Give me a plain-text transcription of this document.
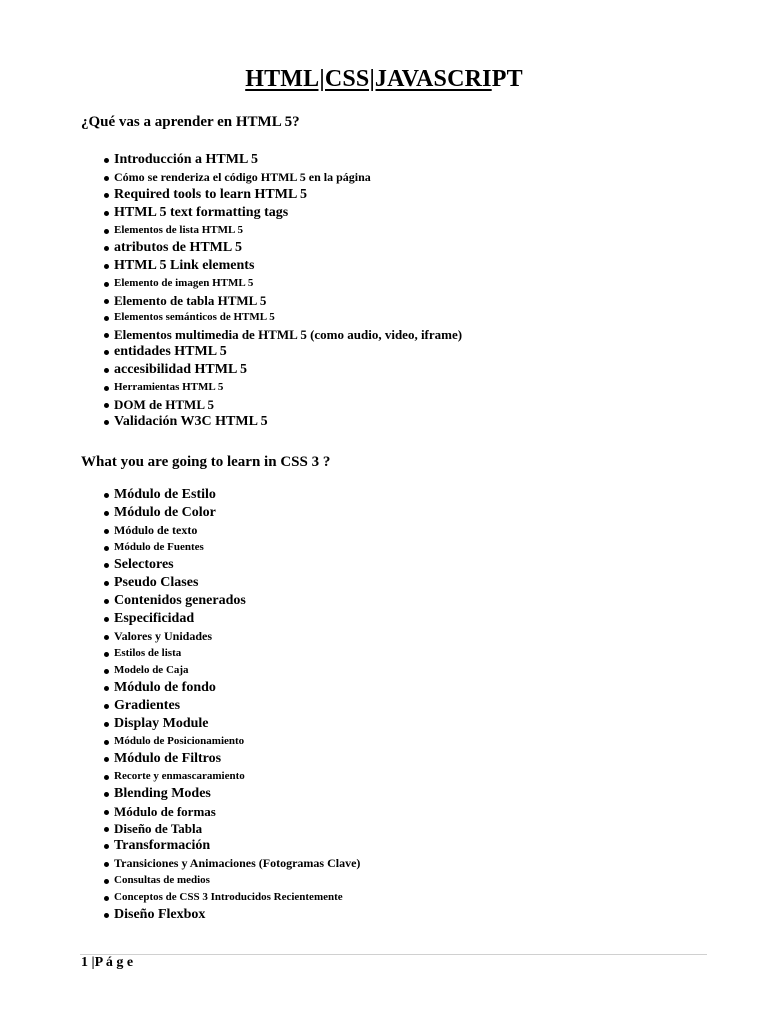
HTML|CSS|JAVASCRIPT
¿Qué vas a aprender en HTML 5?
Introducción a HTML 5
Cómo se renderiza el código HTML 5 en la página
Required tools to learn HTML 5
HTML 5 text formatting tags
Elementos de lista HTML 5
atributos de HTML 5
HTML 5 Link elements
Elemento de imagen HTML 5
Elemento de tabla HTML 5
Elementos semánticos de HTML 5
Elementos multimedia de HTML 5 (como audio, video, iframe)
entidades HTML 5
accesibilidad HTML 5
Herramientas HTML 5
DOM de HTML 5
Validación W3C HTML 5
What you are going to learn in CSS 3 ?
Módulo de Estilo
Módulo de Color
Módulo de texto
Módulo de Fuentes
Selectores
Pseudo Clases
Contenidos generados
Especificidad
Valores y Unidades
Estilos de lista
Modelo de Caja
Módulo de fondo
Gradientes
Display Module
Módulo de Posicionamiento
Módulo de Filtros
Recorte y enmascaramiento
Blending Modes
Módulo de formas
Diseño de Tabla
Transformación
Transiciones y Animaciones (Fotogramas Clave)
Consultas de medios
Conceptos de CSS 3 Introducidos Recientemente
Diseño Flexbox
1 |P á g e
